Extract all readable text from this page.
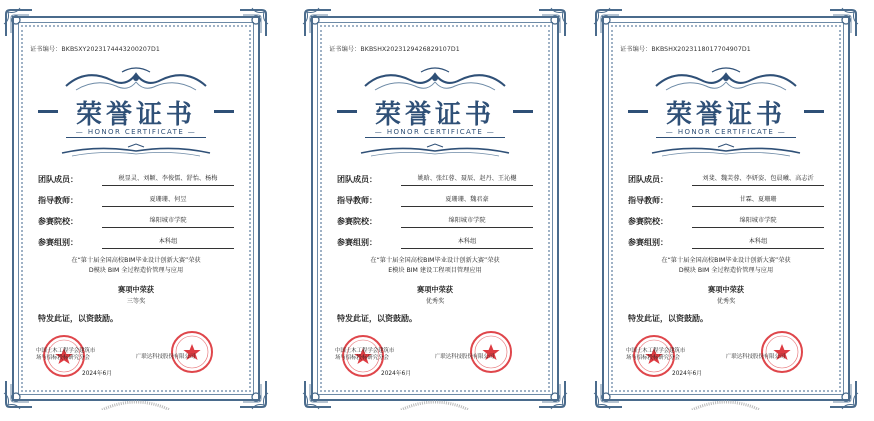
证书编号：BKBSXY2023174443200207D1
荣誉证书
— HONOR CERTIFICATE —
团队成员：	税显灵、刘颖、李俊儒、舒怡、杨梅
指导教师：	夏珊珊、何昱
参赛院校：	绵阳城市学院
参赛组别：	本科组
在“第十届全国高校BIM毕业设计创新大赛”荣获
D模块 BIM 全过程造价管理与应用
赛项中荣获
三等奖
特发此证，以资鼓励。
中国土木工程学会建筑市
场与招标投标研究分会	广联达科技股份有限公司
2024年6月
证书编号：BKBSHX2023129426829107D1
荣誉证书
— HONOR CERTIFICATE —
团队成员：	姚晗、张红蓉、聂辰、赵丹、王沁樾
指导教师：	夏珊珊、魏君豪
参赛院校：	绵阳城市学院
参赛组别：	本科组
在“第十届全国高校BIM毕业设计创新大赛”荣获
E模块 BIM 建设工程项目管理应用
赛项中荣获
优秀奖
特发此证，以资鼓励。
中国土木工程学会建筑市
场与招标投标研究分会	广联达科技股份有限公司
2024年6月
证书编号：BKBSHX2023118017704907D1
荣誉证书
— HONOR CERTIFICATE —
团队成员：	刘斐、魏芙蓉、李妍姿、包晨曦、高志沂
指导教师：	甘霖、夏珊珊
参赛院校：	绵阳城市学院
参赛组别：	本科组
在“第十届全国高校BIM毕业设计创新大赛”荣获
D模块 BIM 全过程造价管理与应用
赛项中荣获
优秀奖
特发此证，以资鼓励。
中国土木工程学会建筑市
场与招标投标研究分会	广联达科技股份有限公司
2024年6月
